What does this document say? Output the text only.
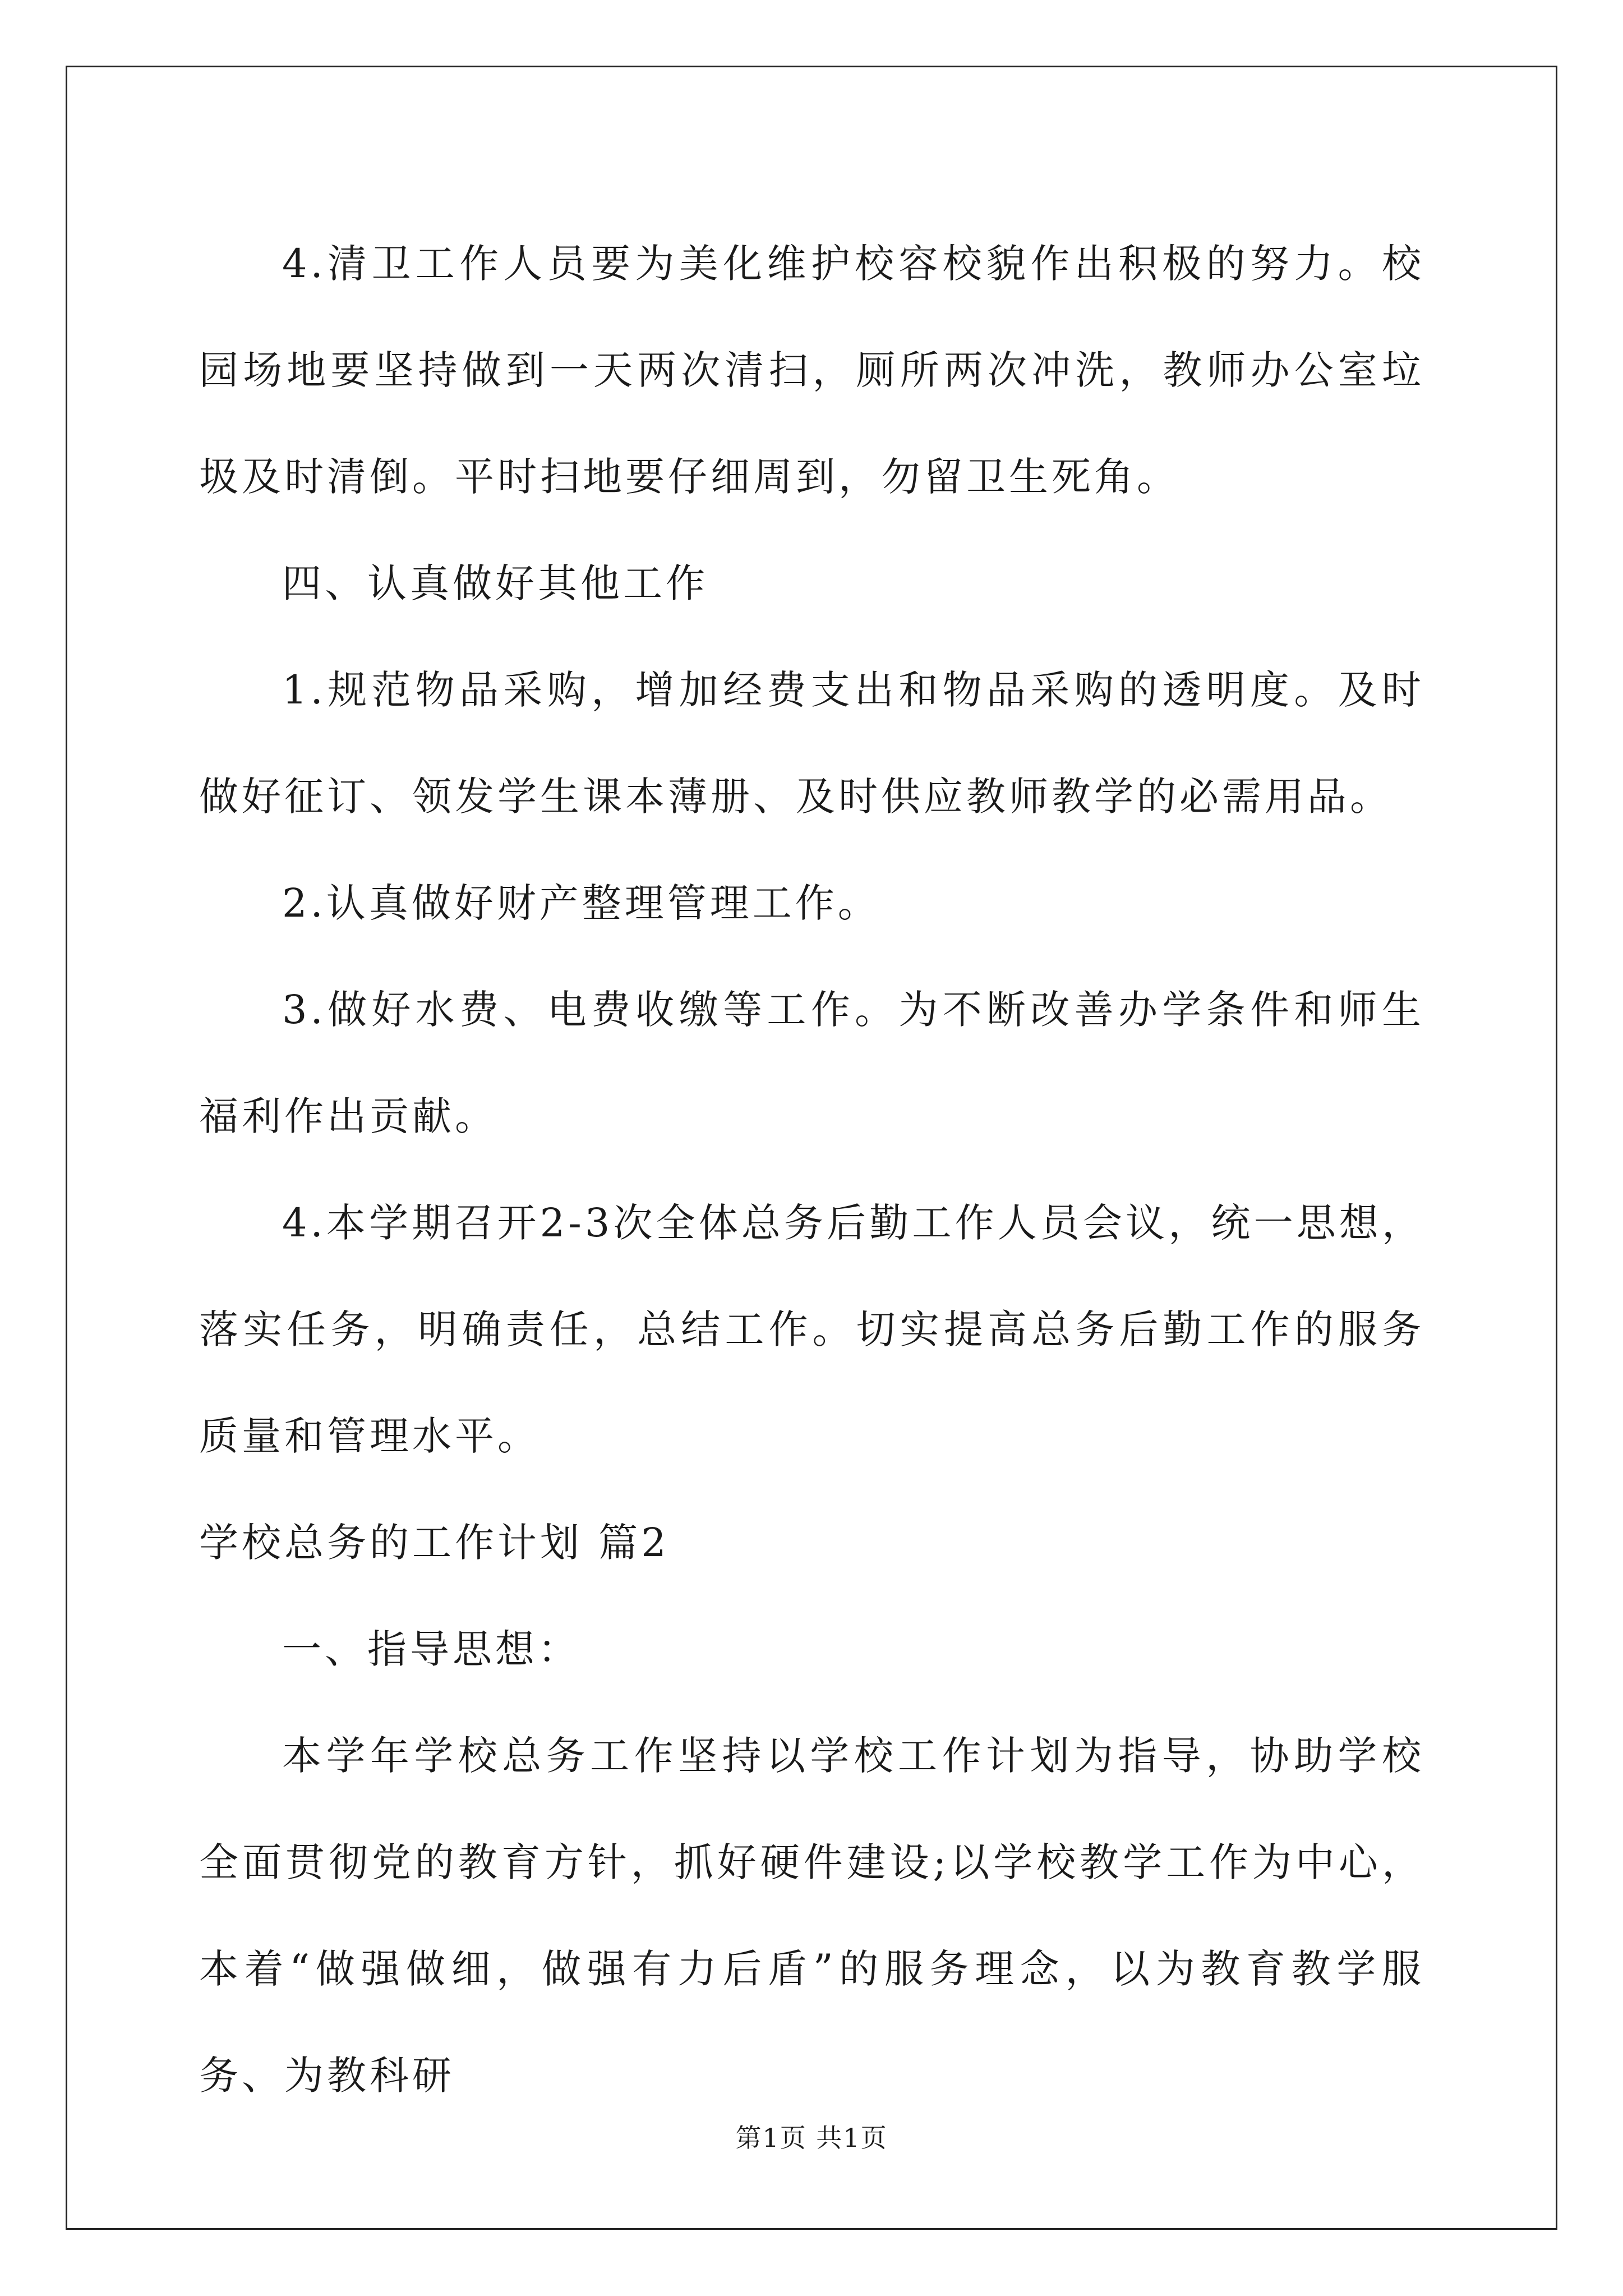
4.清卫工作人员要为美化维护校容校貌作出积极的努力。校园场地要坚持做到一天两次清扫，厕所两次冲洗，教师办公室垃圾及时清倒。平时扫地要仔细周到，勿留卫生死角。

四、认真做好其他工作

1.规范物品采购，增加经费支出和物品采购的透明度。及时做好征订、领发学生课本薄册、及时供应教师教学的必需用品。

2.认真做好财产整理管理工作。

3.做好水费、电费收缴等工作。为不断改善办学条件和师生福利作出贡献。

4.本学期召开2-3次全体总务后勤工作人员会议，统一思想，落实任务，明确责任，总结工作。切实提高总务后勤工作的服务质量和管理水平。

学校总务的工作计划 篇2

一、指导思想：

本学年学校总务工作坚持以学校工作计划为指导，协助学校全面贯彻党的教育方针，抓好硬件建设;以学校教学工作为中心，本着“做强做细，做强有力后盾”的服务理念，以为教育教学服务、为教科研

第1页 共1页
